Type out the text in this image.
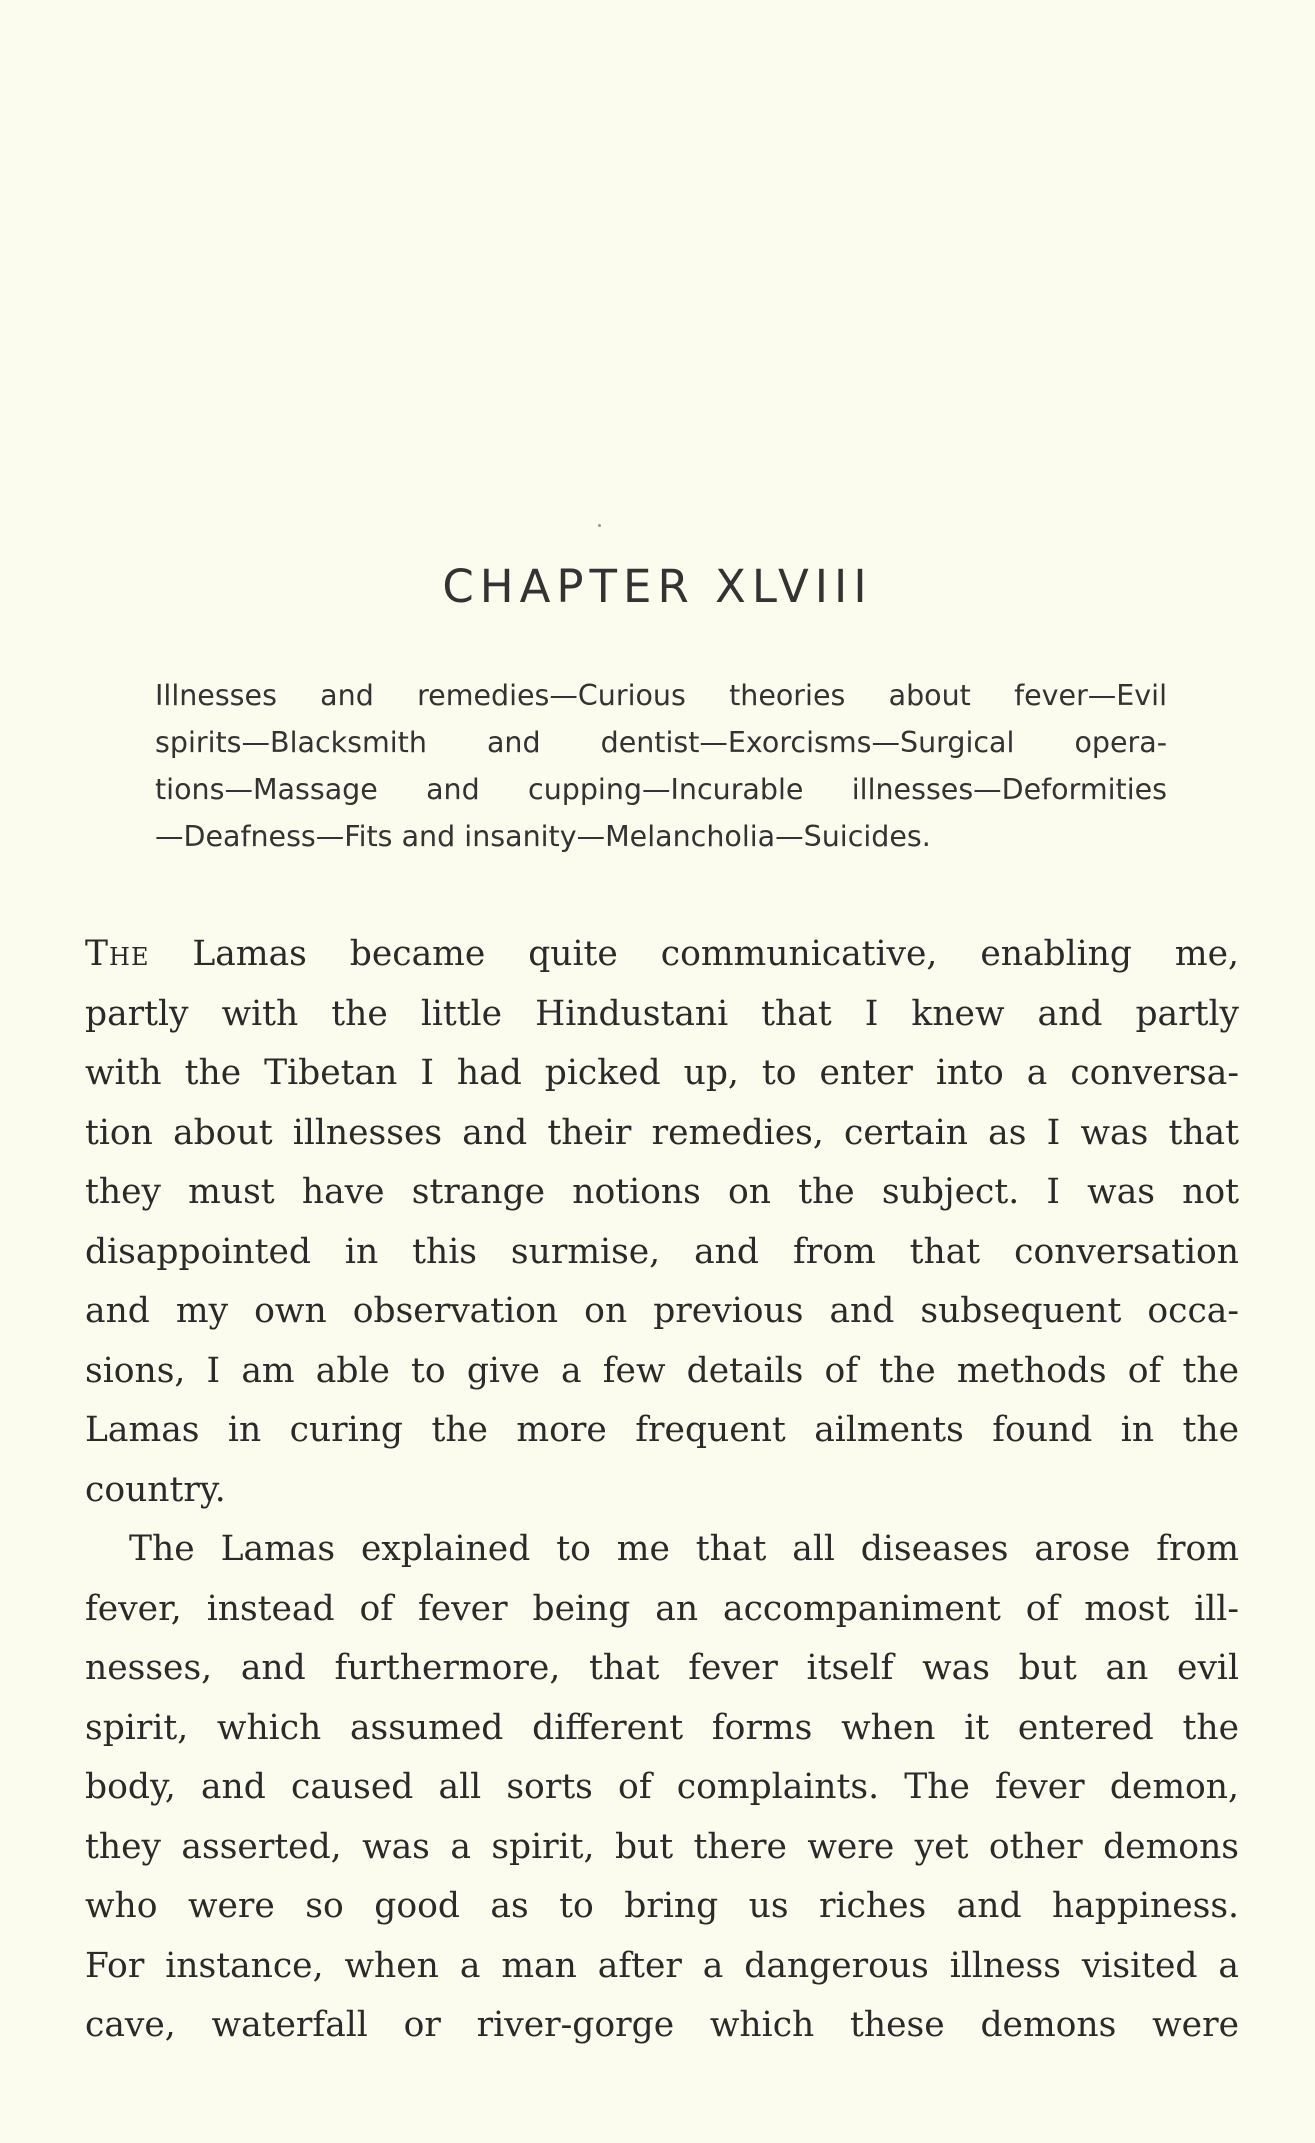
CHAPTER XLVIII

Illnesses and remedies—Curious theories about fever—Evil
spirits—Blacksmith and dentist—Exorcisms—Surgical opera-
tions—Massage and cupping—Incurable illnesses—Deformities
—Deafness—Fits and insanity—Melancholia—Suicides.

The Lamas became quite communicative, enabling me,
partly with the little Hindustani that I knew and partly
with the Tibetan I had picked up, to enter into a conversa-
tion about illnesses and their remedies, certain as I was that
they must have strange notions on the subject. I was not
disappointed in this surmise, and from that conversation
and my own observation on previous and subsequent occa-
sions, I am able to give a few details of the methods of the
Lamas in curing the more frequent ailments found in the
country.
The Lamas explained to me that all diseases arose from
fever, instead of fever being an accompaniment of most ill-
nesses, and furthermore, that fever itself was but an evil
spirit, which assumed different forms when it entered the
body, and caused all sorts of complaints. The fever demon,
they asserted, was a spirit, but there were yet other demons
who were so good as to bring us riches and happiness.
For instance, when a man after a dangerous illness visited a
cave, waterfall or river-gorge which these demons were
